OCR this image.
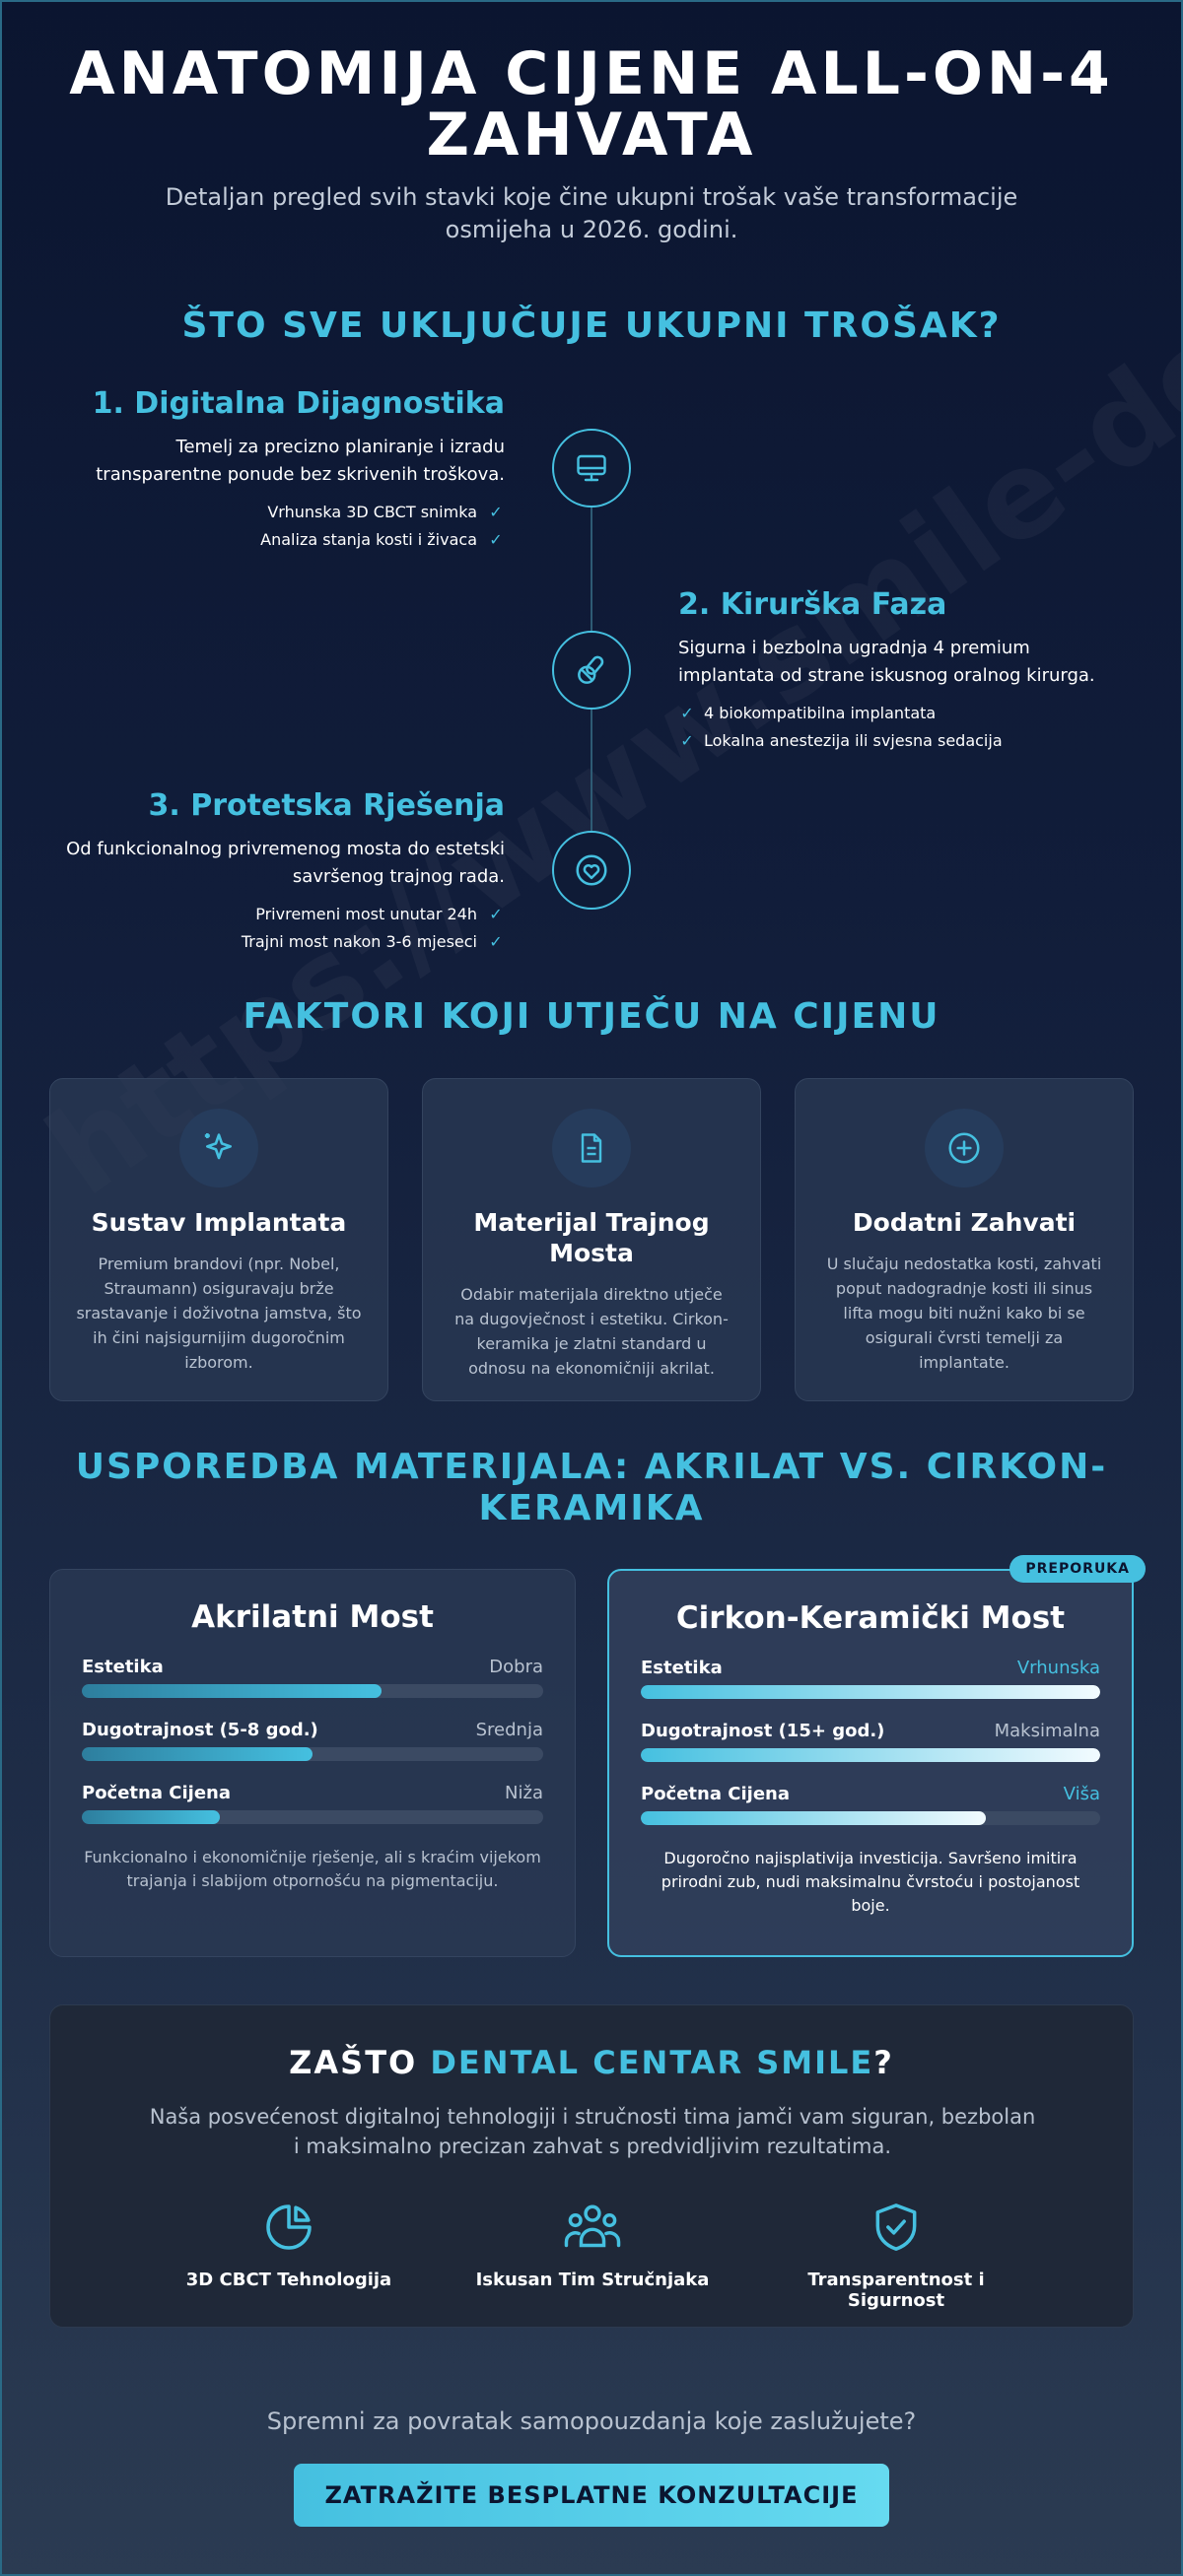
ANATOMIJA CIJENE ALL-ON-4 ZAHVATA

Detaljan pregled svih stavki koje čine ukupni trošak vaše transformacije osmijeha u 2026. godini.

ŠTO SVE UKLJUČUJE UKUPNI TROŠAK?
1. Digitalna Dijagnostika

Temelj za precizno planiranje i izradu transparentne ponude bez skrivenih troškova.

Vrhunska 3D CBCT snimka ✓
Analiza stanja kosti i živaca ✓
2. Kirurška Faza

Sigurna i bezbolna ugradnja 4 premium implantata od strane iskusnog oralnog kirurga.

✓ 4 biokompatibilna implantata
✓ Lokalna anestezija ili svjesna sedacija
3. Protetska Rješenja

Od funkcionalnog privremenog mosta do estetski savršenog trajnog rada.

Privremeni most unutar 24h ✓
Trajni most nakon 3-6 mjeseci ✓
FAKTORI KOJI UTJEČU NA CIJENU
Sustav Implantata

Premium brandovi (npr. Nobel, Straumann) osiguravaju brže srastavanje i doživotna jamstva, što ih čini najsigurnijim dugoročnim izborom.

Materijal Trajnog Mosta

Odabir materijala direktno utječe na dugovječnost i estetiku. Cirkon-keramika je zlatni standard u odnosu na ekonomičniji akrilat.

Dodatni Zahvati

U slučaju nedostatka kosti, zahvati poput nadogradnje kosti ili sinus lifta mogu biti nužni kako bi se osigurali čvrsti temelji za implantate.

USPOREDBA MATERIJALA: AKRILAT VS. CIRKON-KERAMIKA
Akrilatni Most
Estetika	Dobra
Dugotrajnost (5-8 god.)	Srednja
Početna Cijena	Niža

Funkcionalno i ekonomičnije rješenje, ali s kraćim vijekom trajanja i slabijom otpornošću na pigmentaciju.

PREPORUKA
Cirkon-Keramički Most
Estetika	Vrhunska
Dugotrajnost (15+ god.)	Maksimalna
Početna Cijena	Viša

Dugoročno najisplativija investicija. Savršeno imitira prirodni zub, nudi maksimalnu čvrstoću i postojanost boje.

ZAŠTO DENTAL CENTAR SMILE?

Naša posvećenost digitalnoj tehnologiji i stručnosti tima jamči vam siguran, bezbolan i maksimalno precizan zahvat s predvidljivim rezultatima.

3D CBCT Tehnologija	Iskusan Tim Stručnjaka	Transparentnost i Sigurnost

Spremni za povratak samopouzdanja koje zaslužujete?

ZATRAŽITE BESPLATNE KONZULTACIJE
